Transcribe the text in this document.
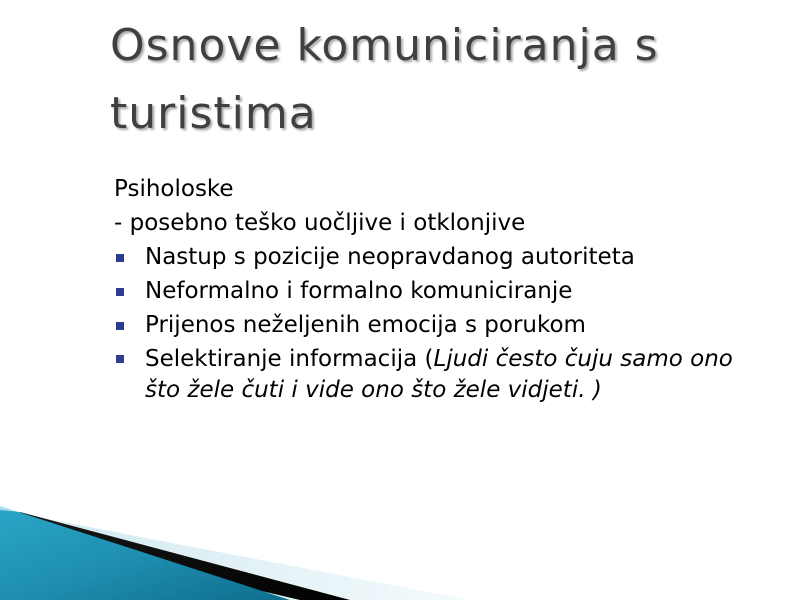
Osnove komuniciranja s turistima

Psiholoske

- posebno teško uočljive i otklonjive

Nastup s pozicije neopravdanog autoriteta
Neformalno i formalno komuniciranje
Prijenos neželjenih emocija s porukom
Selektiranje informacija (Ljudi često čuju samo ono što žele čuti i vide ono što žele vidjeti. )
